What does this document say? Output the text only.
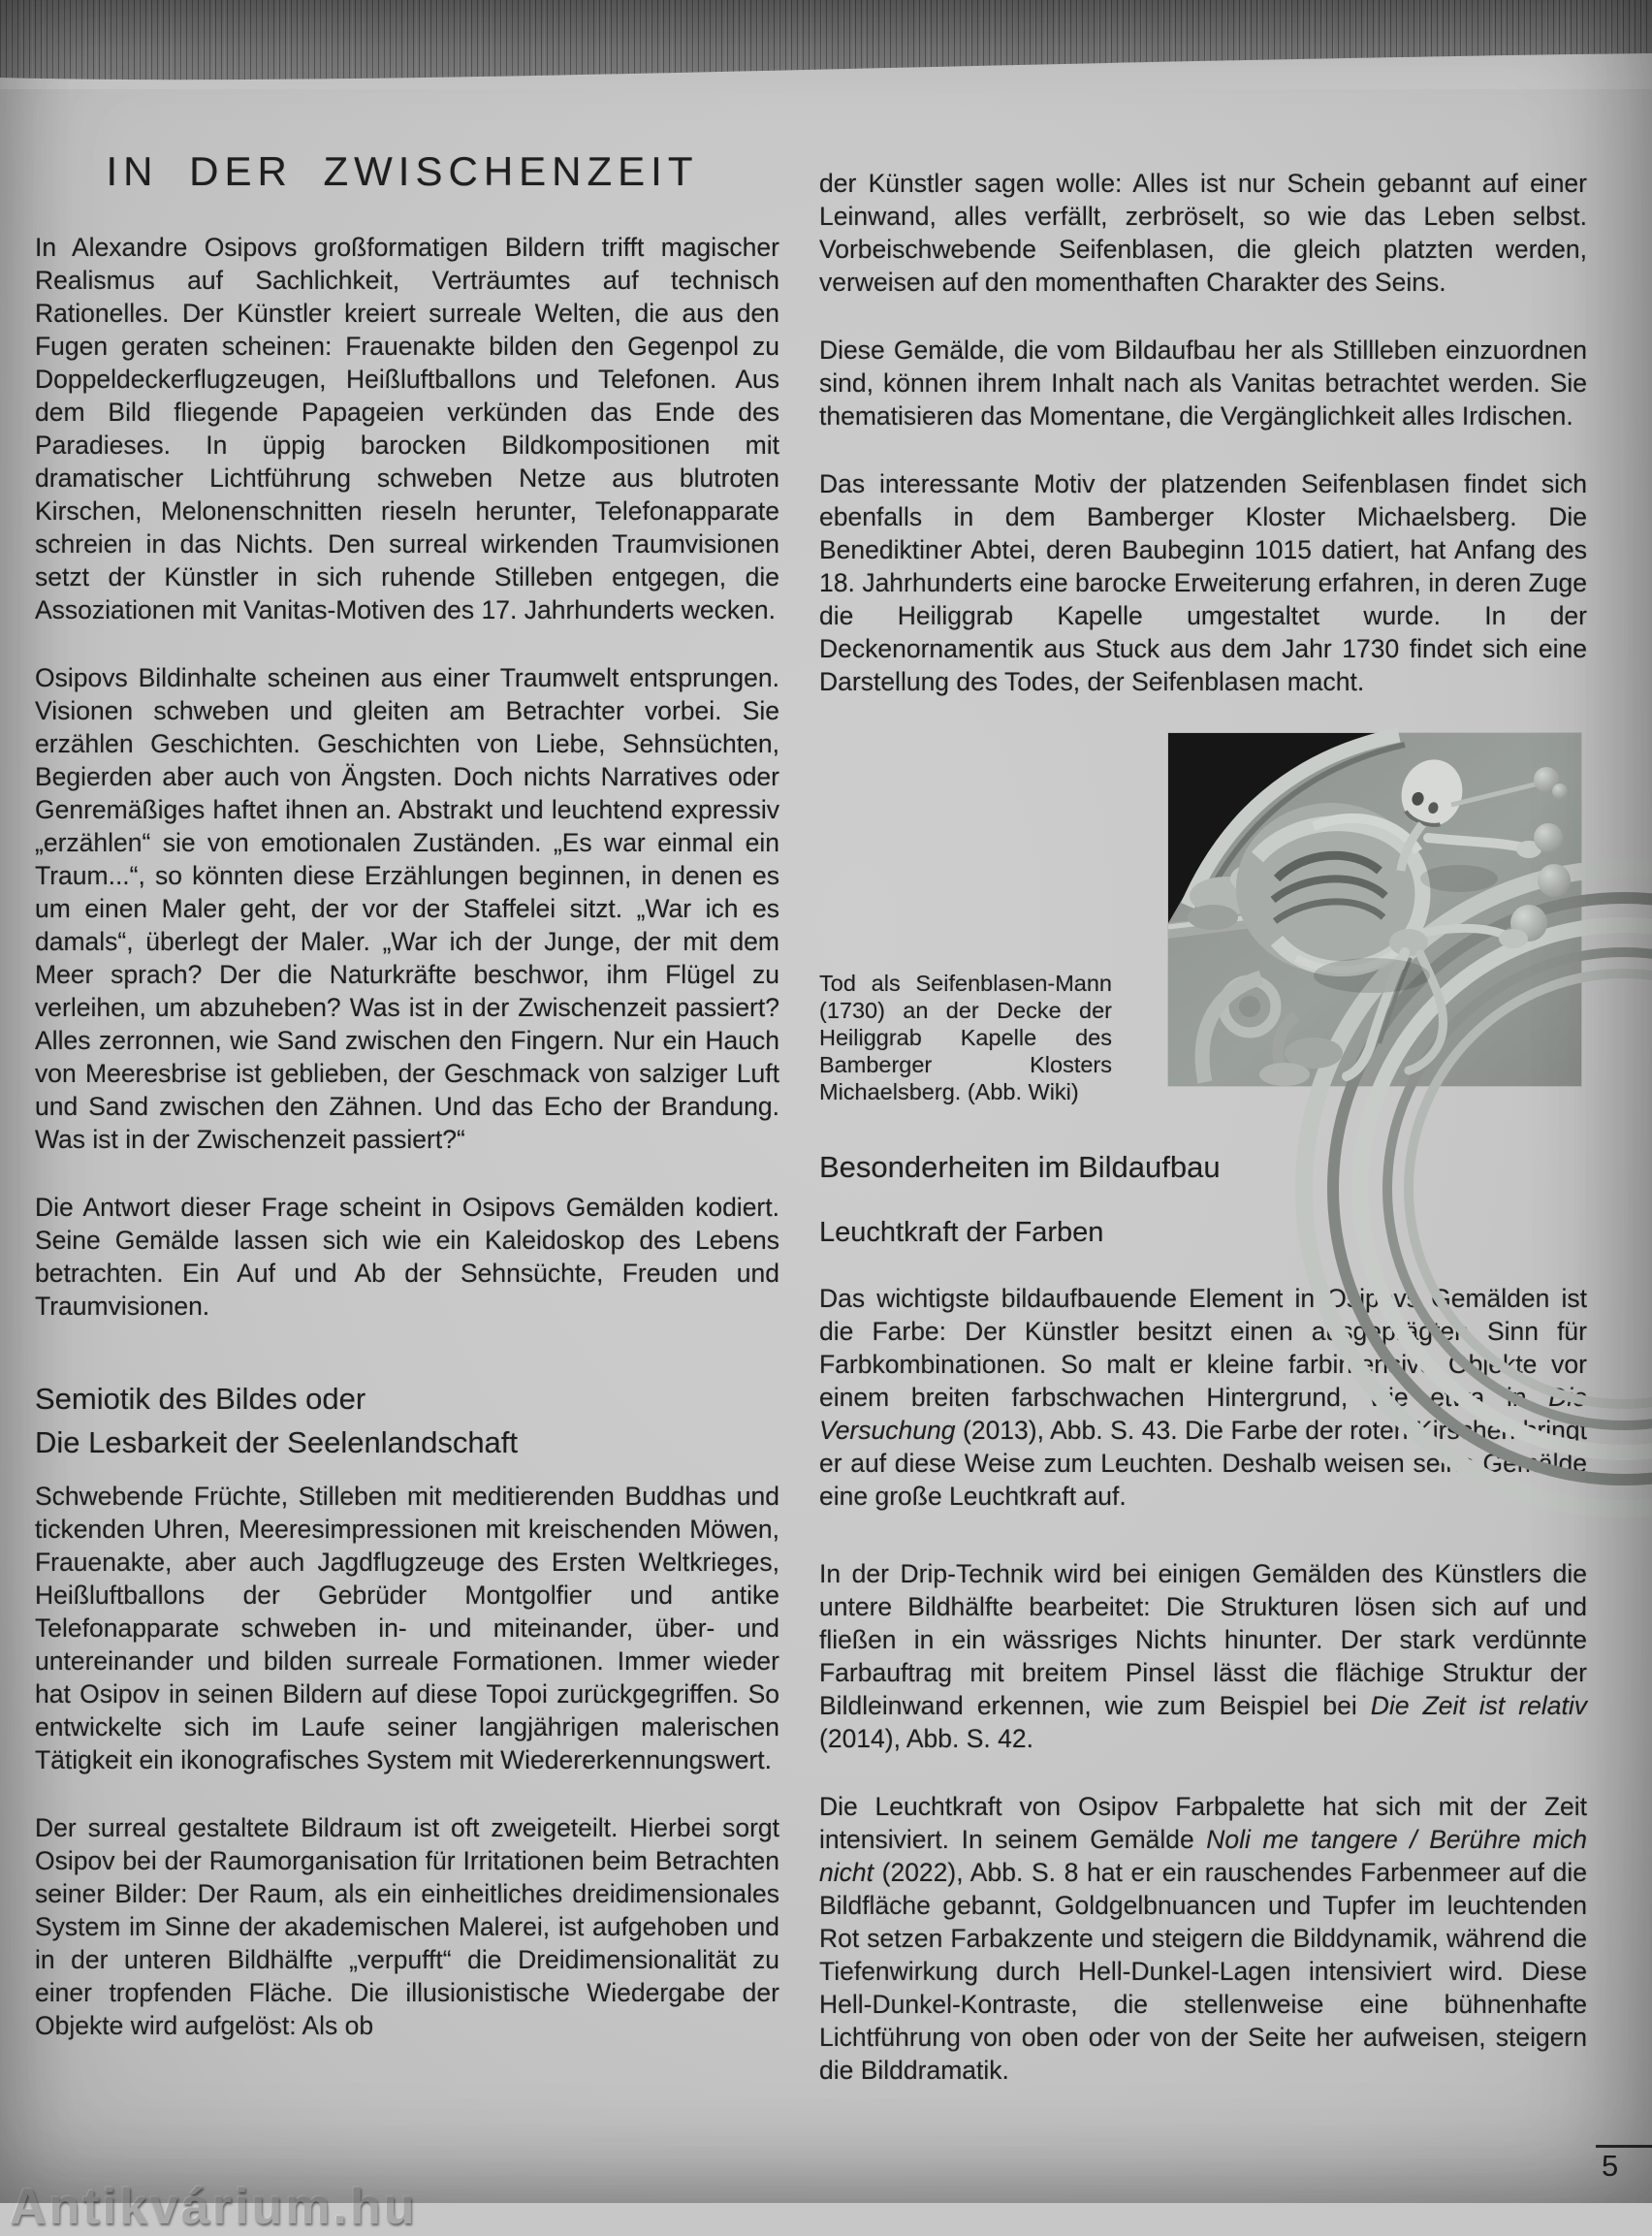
IN DER ZWISCHENZEIT

In Alexandre Osipovs großformatigen Bildern trifft magischer Realismus auf Sachlichkeit, Verträumtes auf technisch Rationelles. Der Künstler kreiert surreale Welten, die aus den Fugen geraten scheinen: Frauenakte bilden den Gegenpol zu Doppeldeckerflugzeugen, Heißluftballons und Telefonen. Aus dem Bild fliegende Papageien verkünden das Ende des Paradieses. In üppig barocken Bildkompositionen mit dramatischer Lichtführung schweben Netze aus blutroten Kirschen, Melonenschnitten rieseln herunter, Telefonapparate schreien in das Nichts. Den surreal wirkenden Traumvisionen setzt der Künstler in sich ruhende Stilleben entgegen, die Assoziationen mit Vanitas-Motiven des 17. Jahrhunderts wecken.

Osipovs Bildinhalte scheinen aus einer Traumwelt entsprungen. Visionen schweben und gleiten am Betrachter vorbei. Sie erzählen Geschichten. Geschichten von Liebe, Sehnsüchten, Begierden aber auch von Ängsten. Doch nichts Narratives oder Genremäßiges haftet ihnen an. Abstrakt und leuchtend expressiv „erzählen“ sie von emotionalen Zuständen. „Es war einmal ein Traum...“, so könnten diese Erzählungen beginnen, in denen es um einen Maler geht, der vor der Staffelei sitzt. „War ich es damals“, überlegt der Maler. „War ich der Junge, der mit dem Meer sprach? Der die Naturkräfte beschwor, ihm Flügel zu verleihen, um abzuheben? Was ist in der Zwischenzeit passiert? Alles zerronnen, wie Sand zwischen den Fingern. Nur ein Hauch von Meeresbrise ist geblieben, der Geschmack von salziger Luft und Sand zwischen den Zähnen. Und das Echo der Brandung. Was ist in der Zwischenzeit passiert?“

Die Antwort dieser Frage scheint in Osipovs Gemälden kodiert. Seine Gemälde lassen sich wie ein Kaleidoskop des Lebens betrachten. Ein Auf und Ab der Sehnsüchte, Freuden und Traumvisionen.

Semiotik des Bildes oder
Die Lesbarkeit der Seelenlandschaft

Schwebende Früchte, Stilleben mit meditierenden Buddhas und tickenden Uhren, Meeresimpressionen mit kreischenden Möwen, Frauenakte, aber auch Jagdflugzeuge des Ersten Weltkrieges, Heißluftballons der Gebrüder Montgolfier und antike Telefonapparate schweben in- und miteinander, über- und untereinander und bilden surreale Formationen. Immer wieder hat Osipov in seinen Bildern auf diese Topoi zurückgegriffen. So entwickelte sich im Laufe seiner langjährigen malerischen Tätigkeit ein ikonografisches System mit Wiedererkennungswert.

Der surreal gestaltete Bildraum ist oft zweigeteilt. Hierbei sorgt Osipov bei der Raumorganisation für Irritationen beim Betrachten seiner Bilder: Der Raum, als ein einheitliches dreidimensionales System im Sinne der akademischen Malerei, ist aufgehoben und in der unteren Bildhälfte „verpufft“ die Dreidimensionalität zu einer tropfenden Fläche. Die illusionistische Wiedergabe der Objekte wird aufgelöst: Als ob

der Künstler sagen wolle: Alles ist nur Schein gebannt auf einer Leinwand, alles verfällt, zerbröselt, so wie das Leben selbst. Vorbeischwebende Seifenblasen, die gleich platzten werden, verweisen auf den momenthaften Charakter des Seins.

Diese Gemälde, die vom Bildaufbau her als Stillleben einzuordnen sind, können ihrem Inhalt nach als Vanitas betrachtet werden. Sie thematisieren das Momentane, die Vergänglichkeit alles Irdischen.

Das interessante Motiv der platzenden Seifenblasen findet sich ebenfalls in dem Bamberger Kloster Michaelsberg. Die Benediktiner Abtei, deren Baubeginn 1015 datiert, hat Anfang des 18. Jahrhunderts eine barocke Erweiterung erfahren, in deren Zuge die Heiliggrab Kapelle umgestaltet wurde. In der Deckenornamentik aus Stuck aus dem Jahr 1730 findet sich eine Darstellung des Todes, der Seifenblasen macht.

Tod als Seifenblasen-Mann (1730) an der Decke der Heiliggrab Kapelle des Bamberger Klosters Michaelsberg. (Abb. Wiki)
Besonderheiten im Bildaufbau
Leuchtkraft der Farben

Das wichtigste bildaufbauende Element in Osipovs Gemälden ist die Farbe: Der Künstler besitzt einen ausgeprägten Sinn für Farbkombinationen. So malt er kleine farbintensive Objekte vor einem breiten farbschwachen Hintergrund, wie etwa in Die Versuchung (2013), Abb. S. 43. Die Farbe der roten Kirschen bringt er auf diese Weise zum Leuchten. Deshalb weisen seine Gemälde eine große Leuchtkraft auf.

In der Drip-Technik wird bei einigen Gemälden des Künstlers die untere Bildhälfte bearbeitet: Die Strukturen lösen sich auf und fließen in ein wässriges Nichts hinunter. Der stark verdünnte Farbauftrag mit breitem Pinsel lässt die flächige Struktur der Bildleinwand erkennen, wie zum Beispiel bei Die Zeit ist relativ (2014), Abb. S. 42.

Die Leuchtkraft von Osipov Farbpalette hat sich mit der Zeit intensiviert. In seinem Gemälde Noli me tangere / Berühre mich nicht (2022), Abb. S. 8 hat er ein rauschendes Farbenmeer auf die Bildfläche gebannt, Goldgelbnuancen und Tupfer im leuchtenden Rot setzen Farbakzente und steigern die Bilddynamik, während die Tiefenwirkung durch Hell-Dunkel-Lagen intensiviert wird. Diese Hell-Dunkel-Kontraste, die stellenweise eine bühnenhafte Lichtführung von oben oder von der Seite her aufweisen, steigern die Bilddramatik.

5
Antikvárium.hu
